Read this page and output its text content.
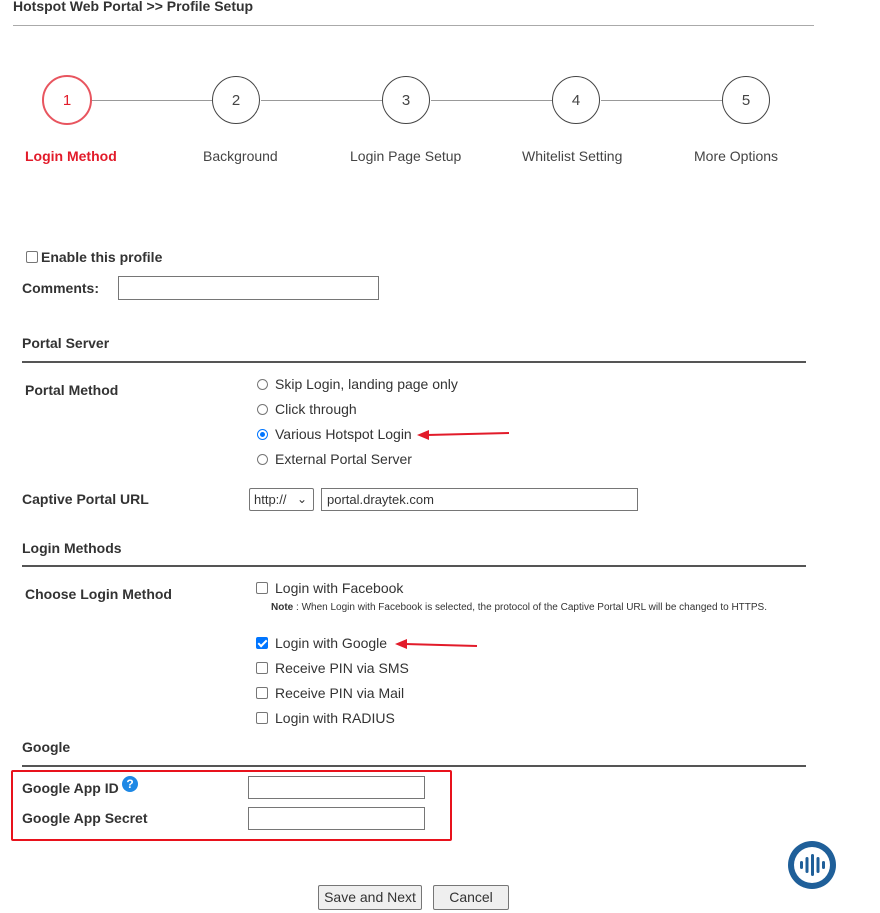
Hotspot Web Portal >> Profile Setup
1	2	3	4	5
Login Method	Background	Login Page Setup	Whitelist Setting	More Options
Enable this profile
Comments:
Portal Server
Portal Method	Skip Login, landing page only
Click through
Various Hotspot Login
External Portal Server
Captive Portal URL	http:// ⌄	portal.draytek.com
Login Methods
Choose Login Method	Login with Facebook
Note : When Login with Facebook is selected, the protocol of the Captive Portal URL will be changed to HTTPS.
Login with Google
Receive PIN via SMS
Receive PIN via Mail
Login with RADIUS
Google
Google App ID ?
Google App Secret
Save and Next	Cancel
